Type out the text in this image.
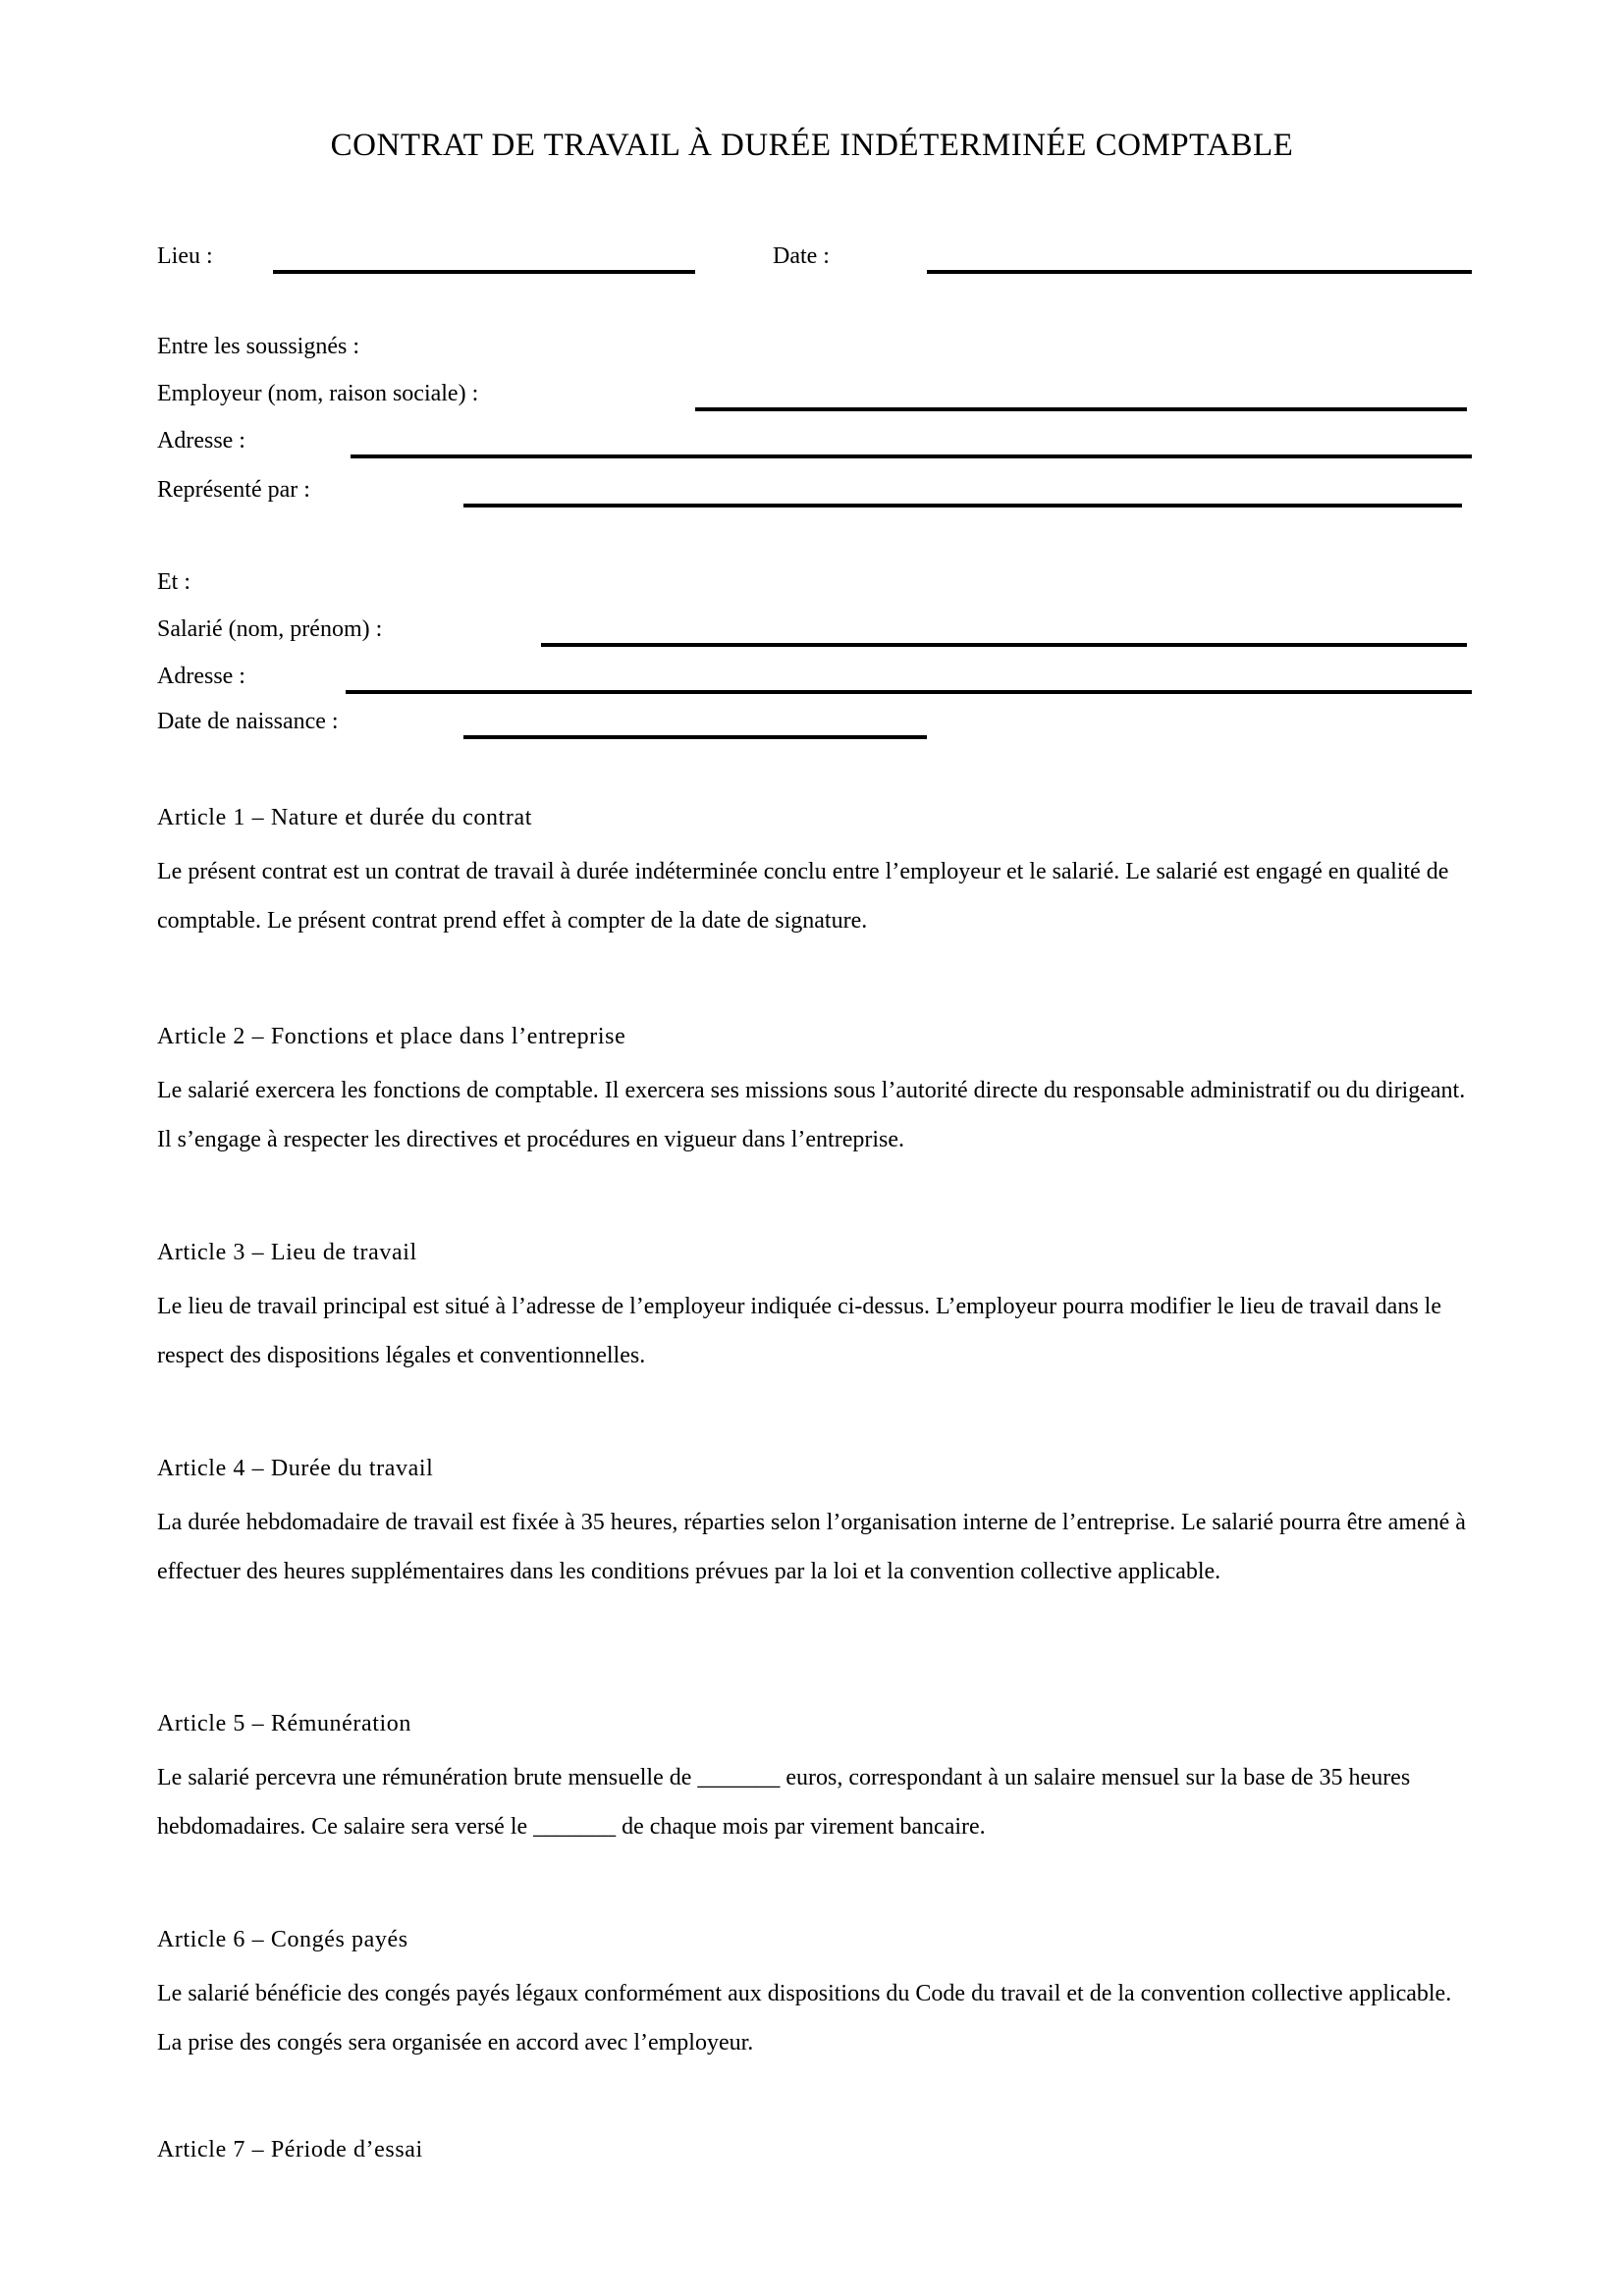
CONTRAT DE TRAVAIL À DURÉE INDÉTERMINÉE COMPTABLE
Lieu :	Date :
Entre les soussignés :
Employeur (nom, raison sociale) :
Adresse :
Représenté par :
Et :
Salarié (nom, prénom) :
Adresse :
Date de naissance :
Article 1 – Nature et durée du contrat

Le présent contrat est un contrat de travail à durée indéterminée conclu entre l’employeur et le salarié. Le salarié est engagé en qualité de comptable. Le présent contrat prend effet à compter de la date de signature.

Article 2 – Fonctions et place dans l’entreprise

Le salarié exercera les fonctions de comptable. Il exercera ses missions sous l’autorité directe du responsable administratif ou du dirigeant. Il s’engage à respecter les directives et procédures en vigueur dans l’entreprise.

Article 3 – Lieu de travail

Le lieu de travail principal est situé à l’adresse de l’employeur indiquée ci-dessus. L’employeur pourra modifier le lieu de travail dans le respect des dispositions légales et conventionnelles.

Article 4 – Durée du travail

La durée hebdomadaire de travail est fixée à 35 heures, réparties selon l’organisation interne de l’entreprise. Le salarié pourra être amené à effectuer des heures supplémentaires dans les conditions prévues par la loi et la convention collective applicable.

Article 5 – Rémunération

Le salarié percevra une rémunération brute mensuelle de _______ euros, correspondant à un salaire mensuel sur la base de 35 heures hebdomadaires. Ce salaire sera versé le _______ de chaque mois par virement bancaire.

Article 6 – Congés payés

Le salarié bénéficie des congés payés légaux conformément aux dispositions du Code du travail et de la convention collective applicable. La prise des congés sera organisée en accord avec l’employeur.

Article 7 – Période d’essai
